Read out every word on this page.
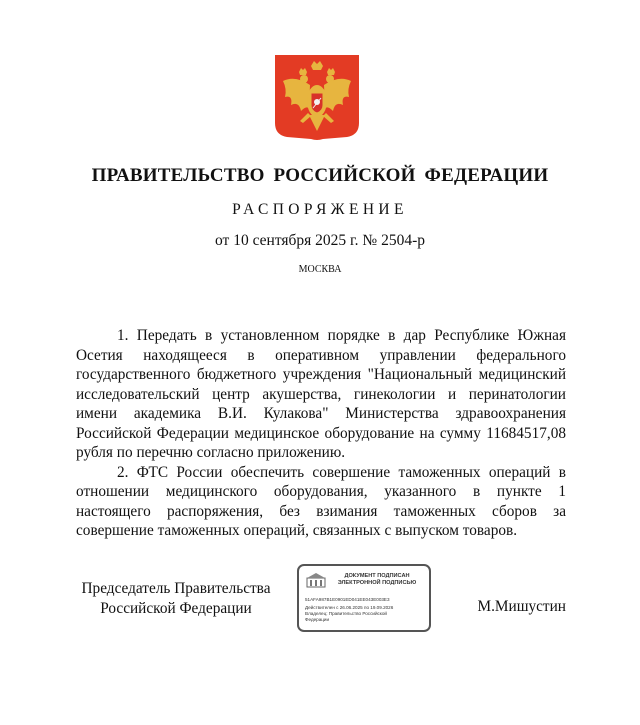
ПРАВИТЕЛЬСТВО РОССИЙСКОЙ ФЕДЕРАЦИИ
РАСПОРЯЖЕНИЕ
от 10 сентября 2025 г. № 2504-р
МОСКВА

1. Передать в установленном порядке в дар Республике Южная Осетия находящееся в оперативном управлении федерального государственного бюджетного учреждения "Национальный медицинский исследовательский центр акушерства, гинекологии и перинатологии имени академика В.И. Кулакова" Министерства здравоохранения Российской Федерации медицинское оборудование на сумму 11684517,08 рубля по перечню согласно приложению.

2. ФТС России обеспечить совершение таможенных операций в отношении медицинского оборудования, указанного в пункте 1 настоящего распоряжения, без взимания таможенных сборов за совершение таможенных операций, связанных с выпуском товаров.

Председатель Правительства
Российской Федерации
ДОКУМЕНТ ПОДПИСАН
ЭЛЕКТРОННОЙ ПОДПИСЬЮ
51AFA987B1E0901ED041EE043E003E3
Действителен с 26.06.2025 по 19.09.2026
Владелец: Правительство Российской
Федерации
М.Мишустин
